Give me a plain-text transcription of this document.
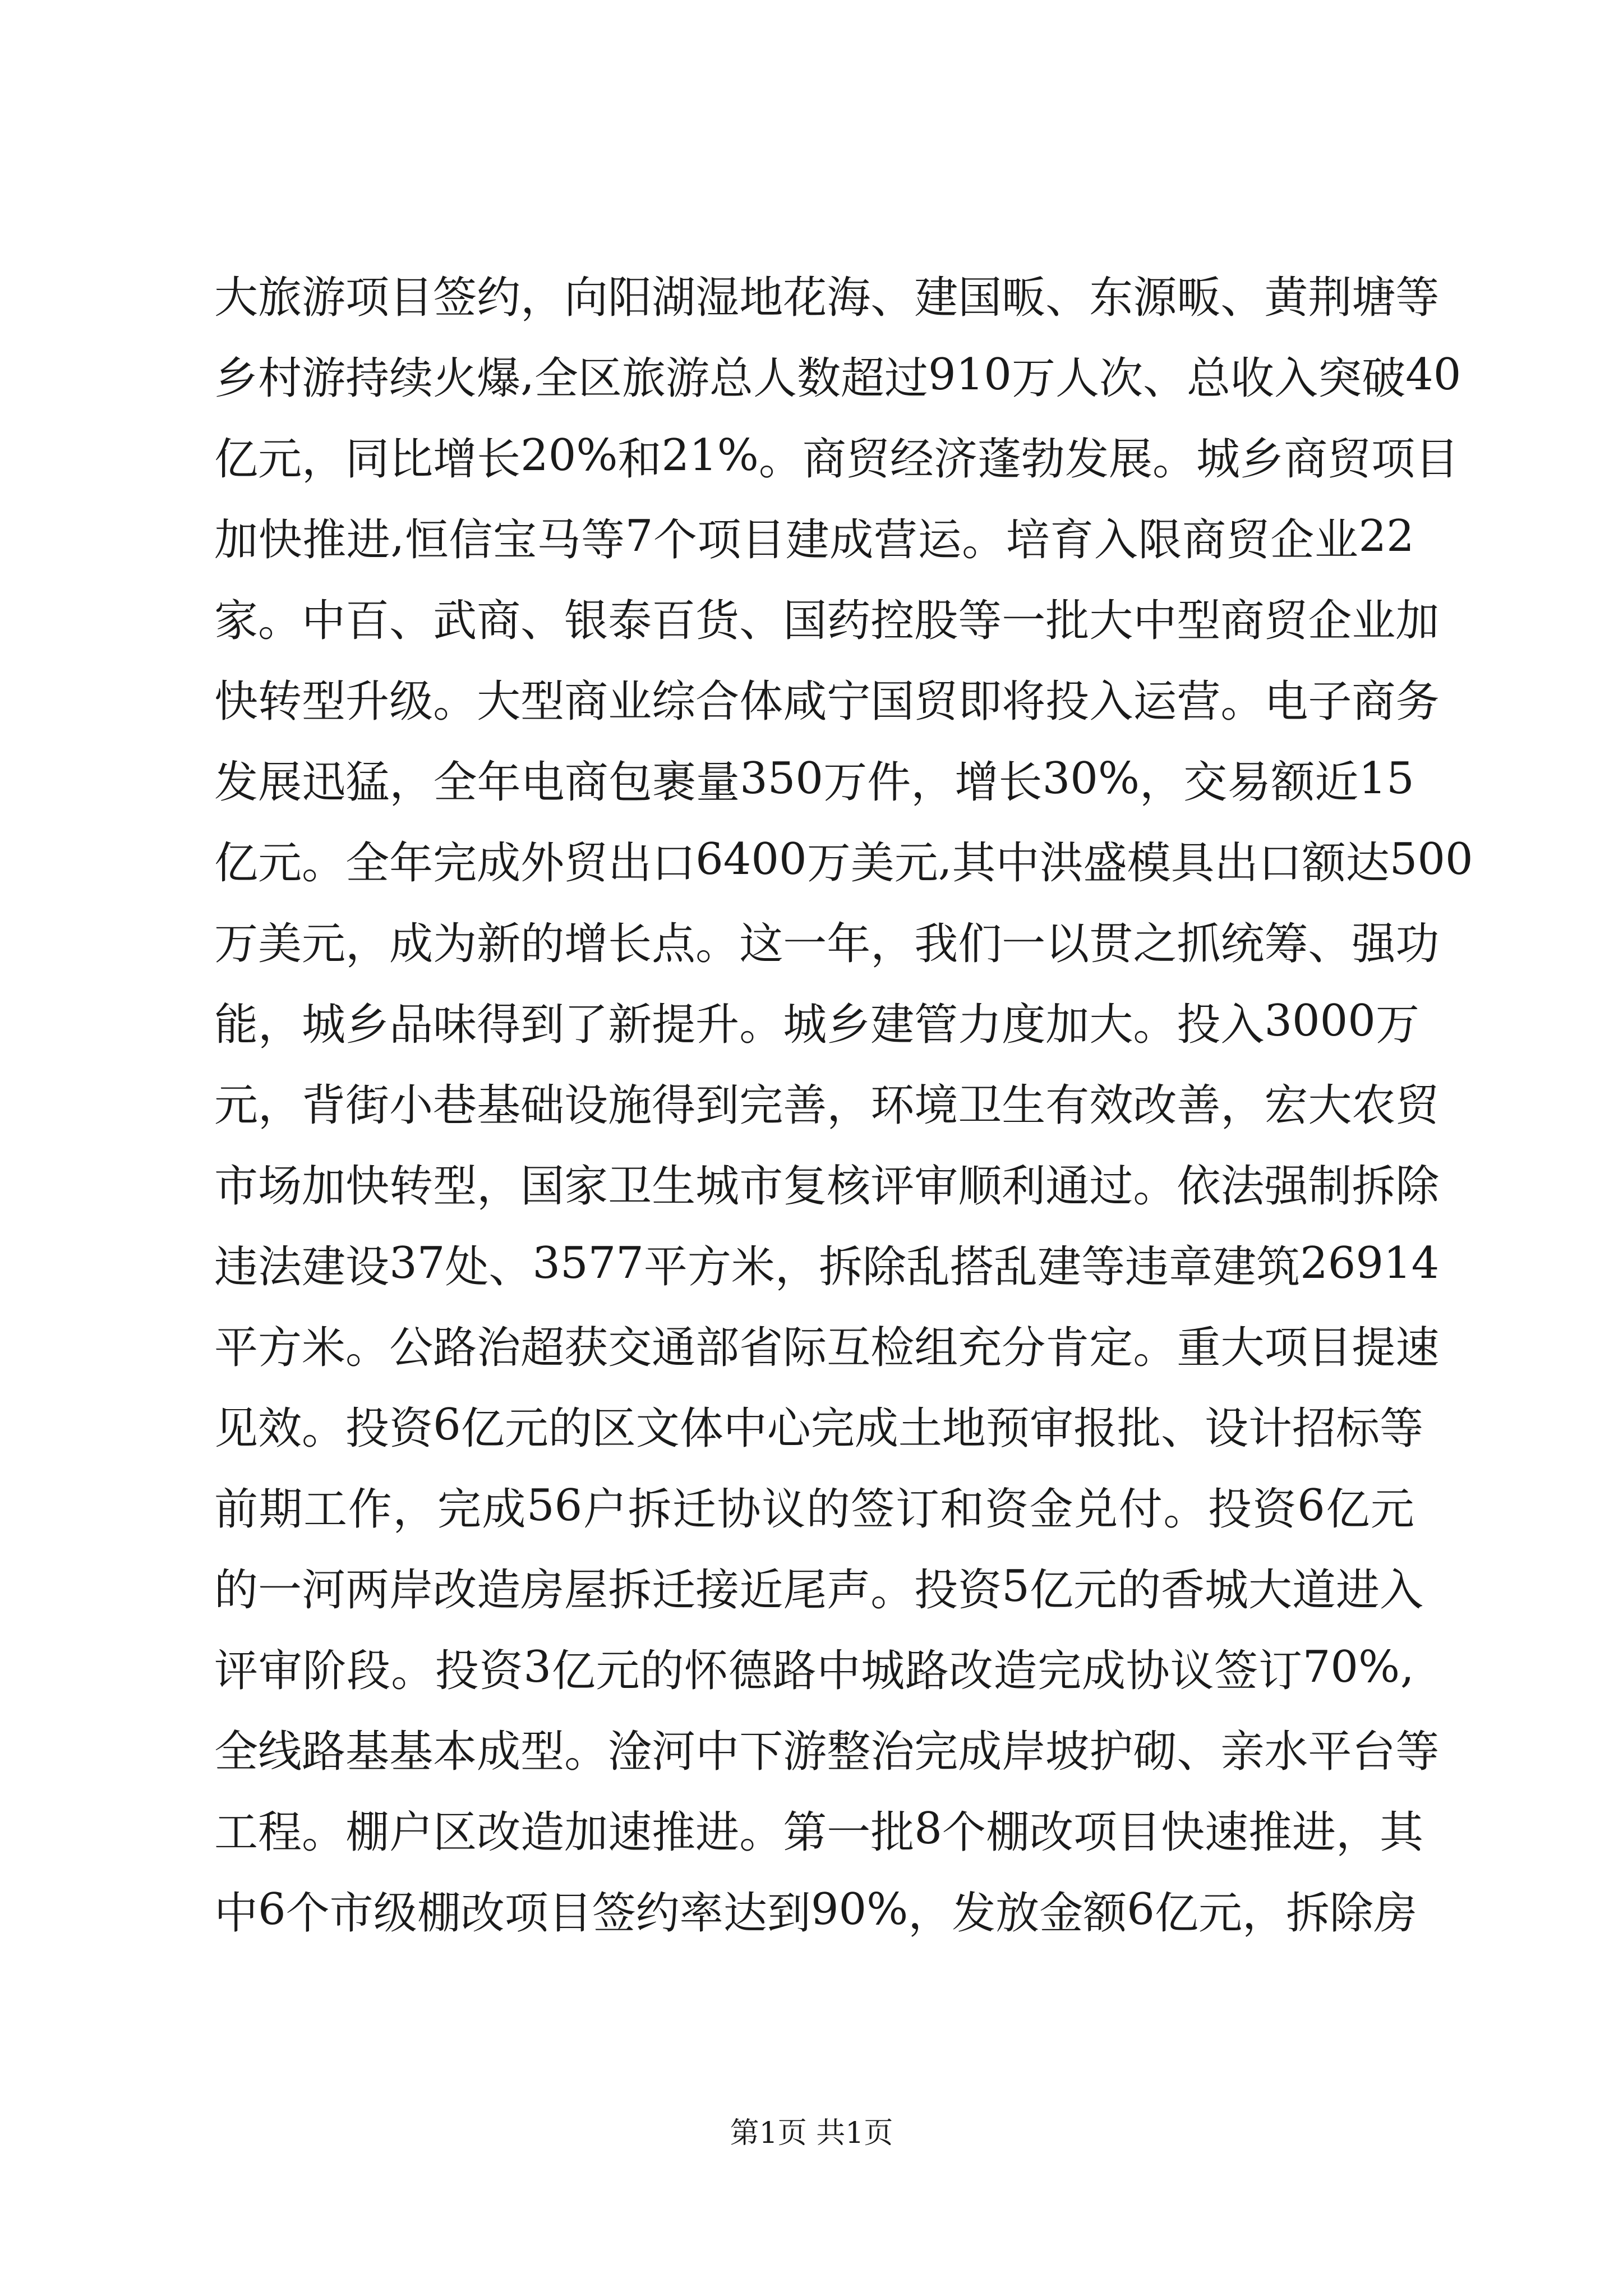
大 旅 游 项 目 签 约 ， 向 阳 湖 湿 地 花 海 、 建 国 畈 、 东 源 畈 、 黄 荆 塘 等
乡 村 游 持 续 火 爆 , 全 区 旅 游 总 人 数 超 过 910 万 人 次 、 总 收 入 突 破 40
亿 元 ， 同 比 增 长 20% 和 21% 。 商 贸 经 济 蓬 勃 发 展 。 城 乡 商 贸 项 目
加 快 推 进 , 恒 信 宝 马 等 7 个 项 目 建 成 营 运 。 培 育 入 限 商 贸 企 业 22
家 。 中 百 、 武 商 、 银 泰 百 货 、 国 药 控 股 等 一 批 大 中 型 商 贸 企 业 加
快 转 型 升 级 。 大 型 商 业 综 合 体 咸 宁 国 贸 即 将 投 入 运 营 。 电 子 商 务
发 展 迅 猛 ， 全 年 电 商 包 裹 量 350 万 件 ， 增 长 30% ， 交 易 额 近 15
亿 元 。 全 年 完 成 外 贸 出 口 6400 万 美 元 , 其 中 洪 盛 模 具 出 口 额 达 500
万 美 元 ， 成 为 新 的 增 长 点 。 这 一 年 ， 我 们 一 以 贯 之 抓 统 筹 、 强 功
能 ， 城 乡 品 味 得 到 了 新 提 升 。 城 乡 建 管 力 度 加 大 。 投 入 3000 万
元 ， 背 街 小 巷 基 础 设 施 得 到 完 善 ， 环 境 卫 生 有 效 改 善 ， 宏 大 农 贸
市 场 加 快 转 型 ， 国 家 卫 生 城 市 复 核 评 审 顺 利 通 过 。 依 法 强 制 拆 除
违 法 建 设 37 处 、 3577 平 方 米 ， 拆 除 乱 搭 乱 建 等 违 章 建 筑 26914
平 方 米 。 公 路 治 超 获 交 通 部 省 际 互 检 组 充 分 肯 定 。 重 大 项 目 提 速
见 效 。 投 资 6 亿 元 的 区 文 体 中 心 完 成 土 地 预 审 报 批 、 设 计 招 标 等
前 期 工 作 ， 完 成 56 户 拆 迁 协 议 的 签 订 和 资 金 兑 付 。 投 资 6 亿 元
的 一 河 两 岸 改 造 房 屋 拆 迁 接 近 尾 声 。 投 资 5 亿 元 的 香 城 大 道 进 入
评 审 阶 段 。 投 资 3 亿 元 的 怀 德 路 中 城 路 改 造 完 成 协 议 签 订 70% ,
全 线 路 基 基 本 成 型 。 淦 河 中 下 游 整 治 完 成 岸 坡 护 砌 、 亲 水 平 台 等
工 程 。 棚 户 区 改 造 加 速 推 进 。 第 一 批 8 个 棚 改 项 目 快 速 推 进 ， 其
中 6 个 市 级 棚 改 项 目 签 约 率 达 到 90% ， 发 放 金 额 6 亿 元 ， 拆 除 房
第1页 共1页
